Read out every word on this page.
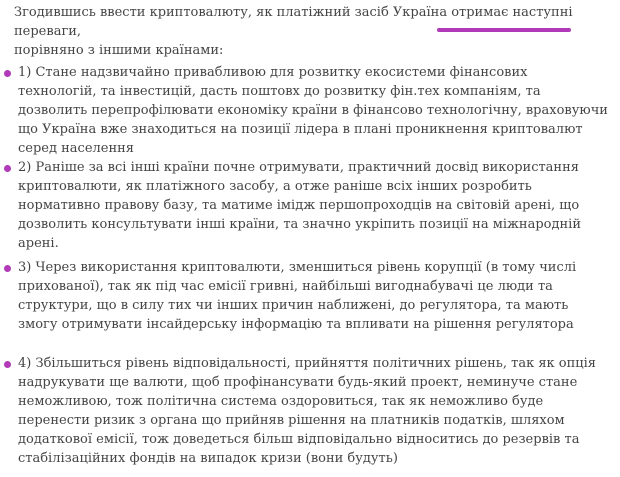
Згодившись ввести криптовалюту, як платіжний засіб Україна отримає наступні переваги,
порівняно з іншими країнами:

1) Стане надзвичайно привабливою для розвитку екосистеми фінансових технологій, та інвестицій, дасть поштовх до розвитку фін.тех компаніям, та дозволить перепрофілювати економіку країни в фінансово технологічну, враховуючи що Україна вже знаходиться на позиції лідера в плані проникнення криптовалют серед населення

2) Раніше за всі інші країни почне отримувати, практичний досвід використання криптовалюти, як платіжного засобу, а отже раніше всіх інших розробить нормативно правову базу, та матиме імідж першопроходців на світовій арені, що дозволить консультувати інші країни, та значно укріпить позиції на міжнародній арені.

3) Через використання криптовалюти, зменшиться рівень корупції (в тому числі прихованої), так як під час емісії гривні, найбільші вигоднабувачі це люди та структури, що в силу тих чи інших причин наближені, до регулятора, та мають змогу отримувати інсайдерську інформацію та впливати на рішення регулятора

4) Збільшиться рівень відповідальності, прийняття політичних рішень, так як опція надрукувати ще валюти, щоб профінансувати будь-який проект, неминуче стане неможливою, тож політична система оздоровиться, так як неможливо буде перенести ризик з органа що прийняв рішення на платників податків, шляхом додаткової емісії, тож доведеться більш відповідально відноситись до резервів та стабілізаційних фондів на випадок кризи (вони будуть)
